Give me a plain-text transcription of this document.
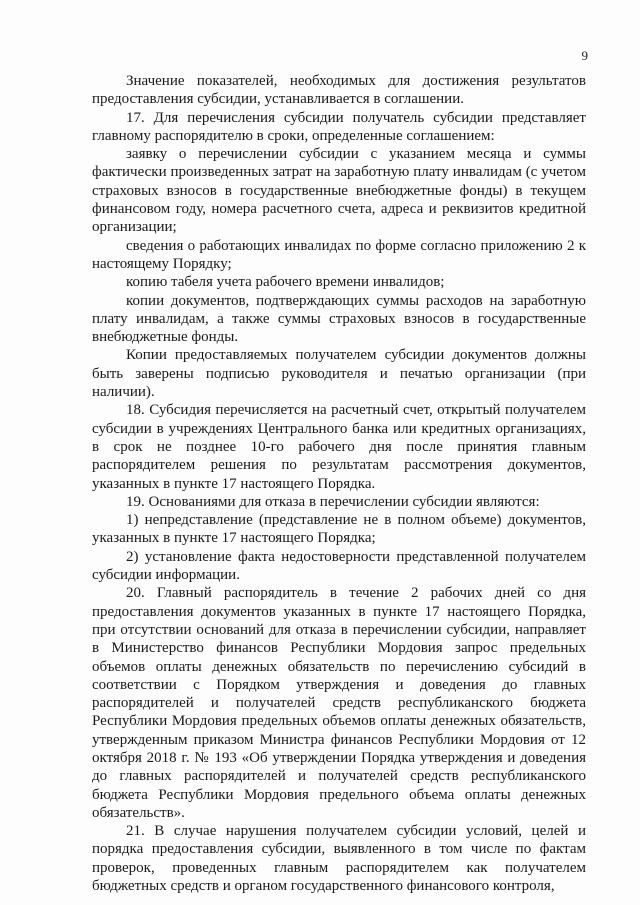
9

Значение показателей, необходимых для достижения результатов предоставления субсидии, устанавливается в соглашении.

17. Для перечисления субсидии получатель субсидии представляет главному распорядителю в сроки, определенные соглашением:

заявку о перечислении субсидии с указанием месяца и суммы фактически произведенных затрат на заработную плату инвалидам (с учетом страховых взносов в государственные внебюджетные фонды) в текущем финансовом году, номера расчетного счета, адреса и реквизитов кредитной организации;

сведения о работающих инвалидах по форме согласно приложению 2 к настоящему Порядку;

копию табеля учета рабочего времени инвалидов;

копии документов, подтверждающих суммы расходов на заработную плату инвалидам, а также суммы страховых взносов в государственные внебюджетные фонды.

Копии предоставляемых получателем субсидии документов должны быть заверены подписью руководителя и печатью организации (при наличии).

18. Субсидия перечисляется на расчетный счет, открытый получателем субсидии в учреждениях Центрального банка или кредитных организациях, в срок не позднее 10-го рабочего дня после принятия главным распорядителем решения по результатам рассмотрения документов, указанных в пункте 17 настоящего Порядка.

19. Основаниями для отказа в перечислении субсидии являются:

1) непредставление (представление не в полном объеме) документов, указанных в пункте 17 настоящего Порядка;

2) установление факта недостоверности представленной получателем субсидии информации.

20. Главный распорядитель в течение 2 рабочих дней со дня предоставления документов указанных в пункте 17 настоящего Порядка, при отсутствии оснований для отказа в перечислении субсидии, направляет в Министерство финансов Республики Мордовия запрос предельных объемов оплаты денежных обязательств по перечислению субсидий в соответствии с Порядком утверждения и доведения до главных распорядителей и получателей средств республиканского бюджета Республики Мордовия предельных объемов оплаты денежных обязательств, утвержденным приказом Министра финансов Республики Мордовия от 12 октября 2018 г. № 193 «Об утверждении Порядка утверждения и доведения до главных распорядителей и получателей средств республиканского бюджета Республики Мордовия предельного объема оплаты денежных обязательств».

21. В случае нарушения получателем субсидии условий, целей и порядка предоставления субсидии, выявленного в том числе по фактам проверок, проведенных главным распорядителем как получателем бюджетных средств и органом государственного финансового контроля,
